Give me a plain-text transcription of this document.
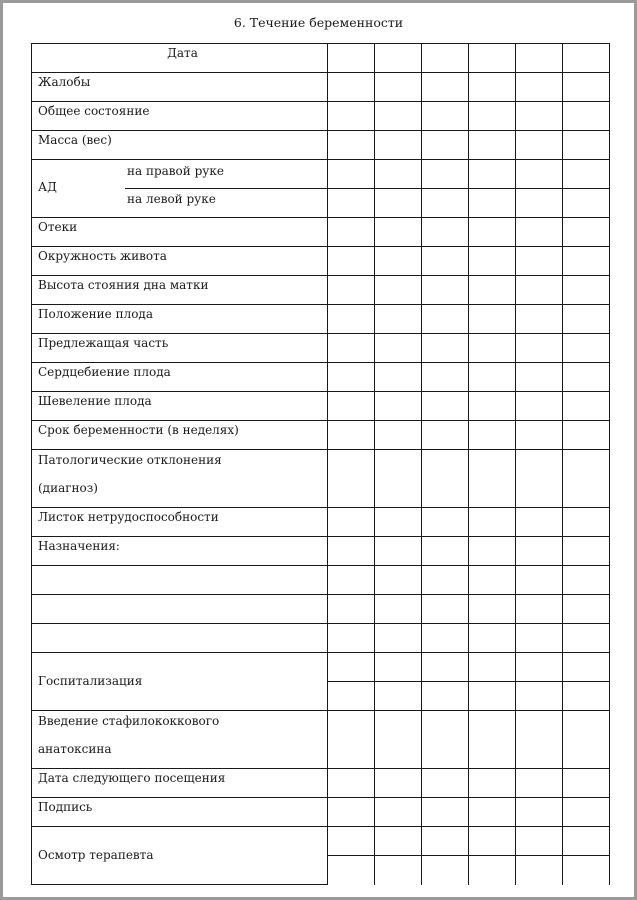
6. Течение беременности
Дата						
Жалобы						
Общее состояние						
Масса (вес)						

АД
на правой руке
на левой руке						

Отеки						
Окружность живота						
Высота стояния дна матки						
Положение плода						
Предлежащая часть						
Сердцебиение плода						
Шевеление плода						
Срок беременности (в неделях)						

Патологические отклонения
(диагноз)						

Листок нетрудоспособности						
Назначения:						

Госпитализация						

Введение стафилококкового
анатоксина						

Дата следующего посещения						
Подпись						
Осмотр терапевта						
